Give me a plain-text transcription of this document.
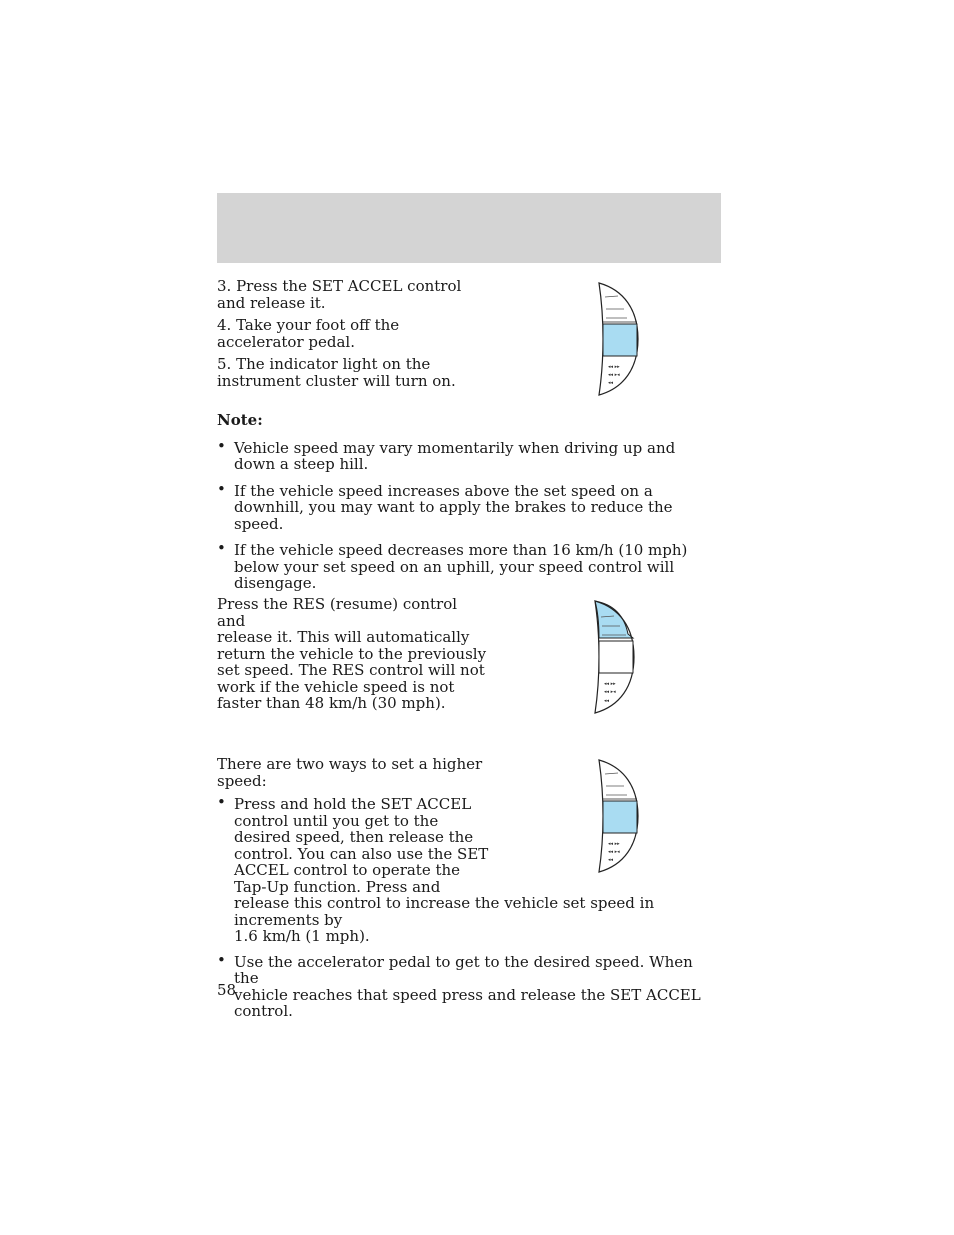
3. Press the SET ACCEL control and release it.

4. Take your foot off the accelerator pedal.

5. The indicator light on the instrument cluster will turn on.

◂◂ ▸▸
◂◂ ▸◂
◂◂

Note:

• Vehicle speed may vary momentarily when driving up and down a steep hill.
• If the vehicle speed increases above the set speed on a downhill, you may want to apply the brakes to reduce the speed.
• If the vehicle speed decreases more than 16 km/h (10 mph) below your set speed on an uphill, your speed control will disengage.
Press the RES (resume) control and
release it. This will automatically
return the vehicle to the previously
set speed. The RES control will not
work if the vehicle speed is not
faster than 48 km/h (30 mph).
◂◂ ▸▸
◂◂ ▸◂
◂◂
There are two ways to set a higher
speed:
• Press and hold the SET ACCEL
control until you get to the
desired speed, then release the
control. You can also use the SET
ACCEL control to operate the
Tap-Up function. Press and
release this control to increase the vehicle set speed in increments by
1.6 km/h (1 mph).
• Use the accelerator pedal to get to the desired speed. When the
vehicle reaches that speed press and release the SET ACCEL control.
◂◂ ▸▸
◂◂ ▸◂
◂◂
58
